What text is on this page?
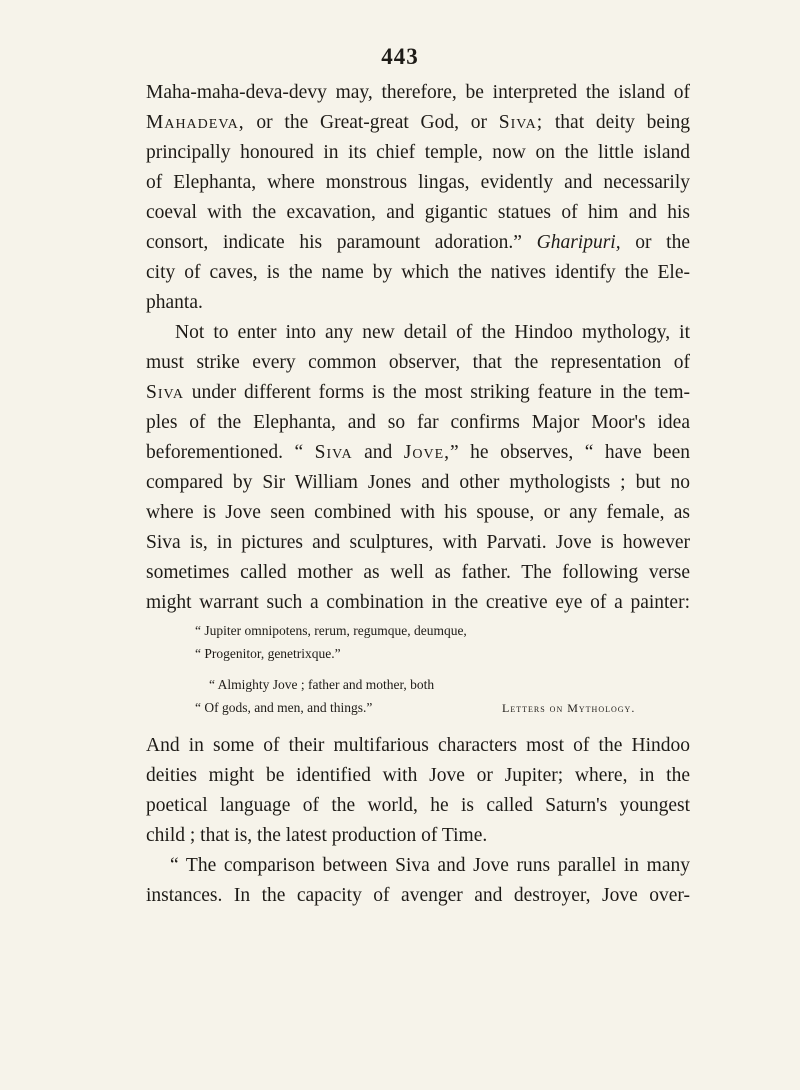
443
Maha-maha-deva-devy may, therefore, be interpreted the island of
Mahadeva, or the Great-great God, or Siva; that deity being
principally honoured in its chief temple, now on the little island
of Elephanta, where monstrous lingas, evidently and necessarily
coeval with the excavation, and gigantic statues of him and his
consort, indicate his paramount adoration.” Gharipuri, or the
city of caves, is the name by which the natives identify the Ele-
phanta.
Not to enter into any new detail of the Hindoo mythology, it
must strike every common observer, that the representation of
Siva under different forms is the most striking feature in the tem-
ples of the Elephanta, and so far confirms Major Moor's idea
beforementioned. “ Siva and Jove,” he observes, “ have been
compared by Sir William Jones and other mythologists ; but no
where is Jove seen combined with his spouse, or any female, as
Siva is, in pictures and sculptures, with Parvati. Jove is however
sometimes called mother as well as father. The following verse
might warrant such a combination in the creative eye of a painter:
“ Jupiter omnipotens, rerum, regumque, deumque,
“ Progenitor, genetrixque.”
“ Almighty Jove ; father and mother, both
“ Of gods, and men, and things.”	Letters on Mythology.
And in some of their multifarious characters most of the Hindoo
deities might be identified with Jove or Jupiter; where, in the
poetical language of the world, he is called Saturn's youngest
child ; that is, the latest production of Time.
“ The comparison between Siva and Jove runs parallel in many
instances. In the capacity of avenger and destroyer, Jove over-
